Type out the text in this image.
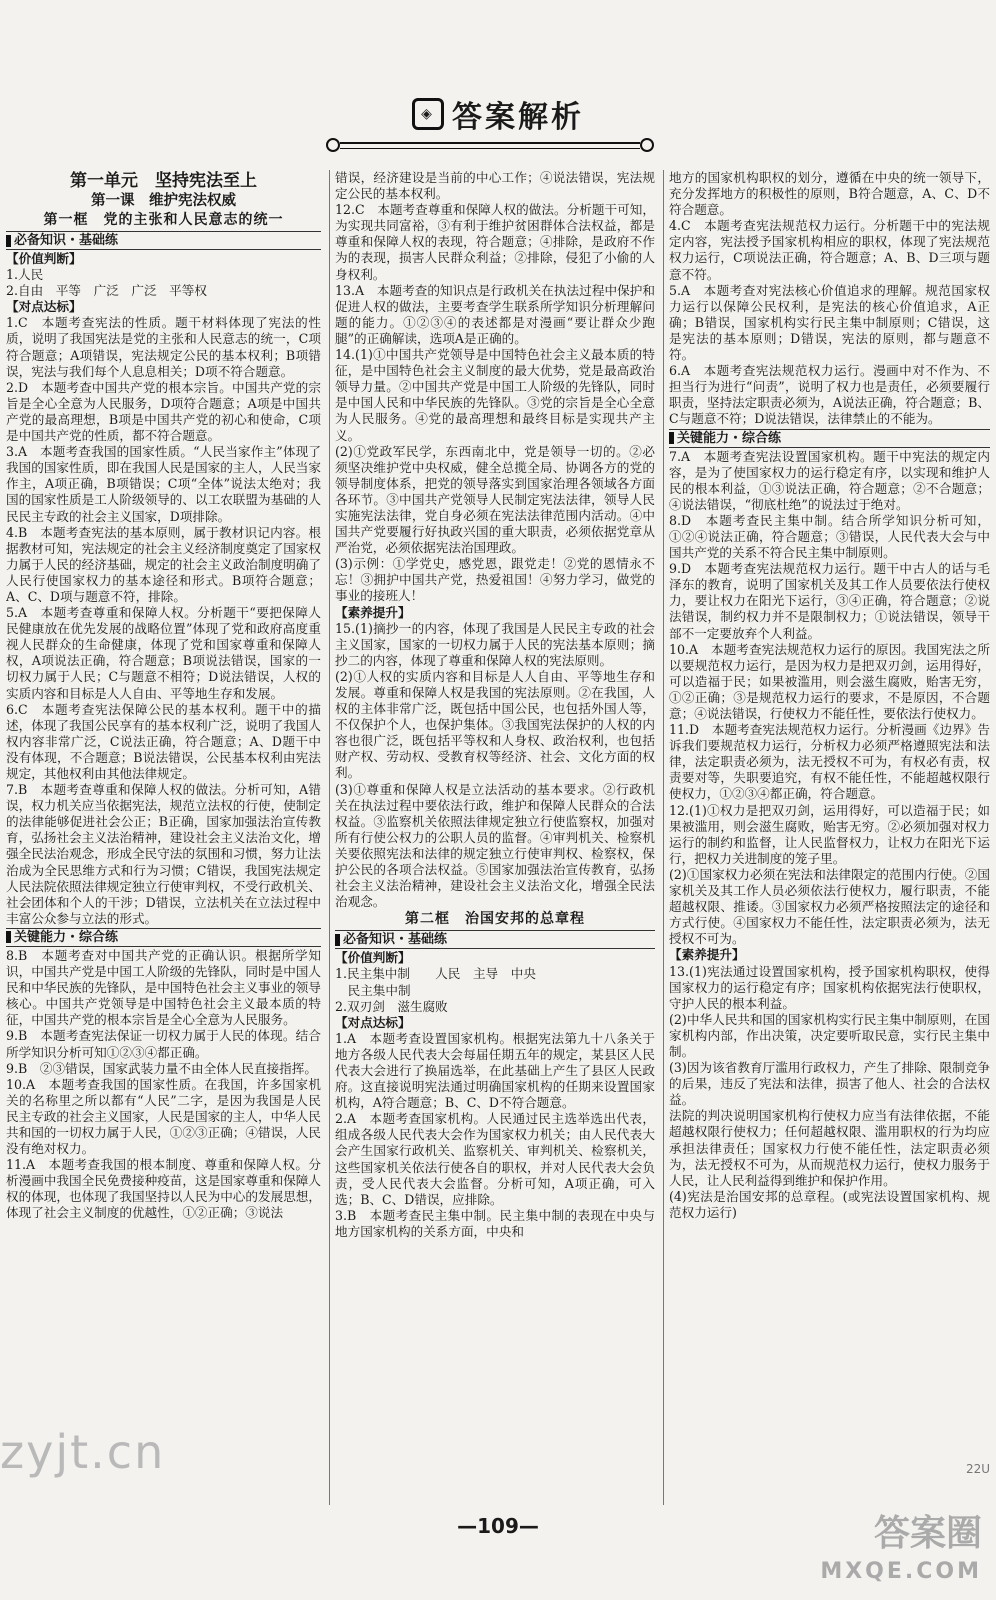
◈ 答案解析
第一单元　坚持宪法至上
第一课　维护宪法权威
第一框　党的主张和人民意志的统一
必备知识・基础练
【价值判断】
1.人民
2.自由　平等　广泛　广泛　平等权
【对点达标】
1.C　本题考查宪法的性质。题干材料体现了宪法的性质，说明了我国宪法是党的主张和人民意志的统一，C项符合题意；A项错误，宪法规定公民的基本权利；B项错误，宪法与我们每个人息息相关；D项不符合题意。
2.D　本题考查中国共产党的根本宗旨。中国共产党的宗旨是全心全意为人民服务，D项符合题意；A项是中国共产党的最高理想，B项是中国共产党的初心和使命，C项是中国共产党的性质，都不符合题意。
3.A　本题考查我国的国家性质。“人民当家作主”体现了我国的国家性质，即在我国人民是国家的主人，人民当家作主，A项正确，B项错误；C项“全体”说法太绝对；我国的国家性质是工人阶级领导的、以工农联盟为基础的人民民主专政的社会主义国家，D项排除。
4.B　本题考查宪法的基本原则，属于教材识记内容。根据教材可知，宪法规定的社会主义经济制度奠定了国家权力属于人民的经济基础，规定的社会主义政治制度明确了人民行使国家权力的基本途径和形式。B项符合题意；A、C、D项与题意不符，排除。
5.A　本题考查尊重和保障人权。分析题干“要把保障人民健康放在优先发展的战略位置”体现了党和政府高度重视人民群众的生命健康，体现了党和国家尊重和保障人权，A项说法正确，符合题意；B项说法错误，国家的一切权力属于人民；C与题意不相符；D说法错误，人权的实质内容和目标是人人自由、平等地生存和发展。
6.C　本题考查宪法保障公民的基本权利。题干中的描述，体现了我国公民享有的基本权利广泛，说明了我国人权内容非常广泛，C说法正确，符合题意；A、D题干中没有体现，不合题意；B说法错误，公民基本权利由宪法规定，其他权利由其他法律规定。
7.B　本题考查尊重和保障人权的做法。分析可知，A错误，权力机关应当依据宪法，规范立法权的行使，使制定的法律能够促进社会公正；B正确，国家加强法治宣传教育，弘扬社会主义法治精神，建设社会主义法治文化，增强全民法治观念，形成全民守法的氛围和习惯，努力让法治成为全民思维方式和行为习惯；C错误，我国宪法规定人民法院依照法律规定独立行使审判权，不受行政机关、社会团体和个人的干涉；D错误，立法机关在立法过程中丰富公众参与立法的形式。
关键能力・综合练
8.B　本题考查对中国共产党的正确认识。根据所学知识，中国共产党是中国工人阶级的先锋队，同时是中国人民和中华民族的先锋队，是中国特色社会主义事业的领导核心。中国共产党领导是中国特色社会主义最本质的特征，中国共产党的根本宗旨是全心全意为人民服务。
9.B　本题考查宪法保证一切权力属于人民的体现。结合所学知识分析可知①②③④都正确。
9.B　②③错误，国家武装力量不由全体人民直接指挥。
10.A　本题考查我国的国家性质。在我国，许多国家机关的名称里之所以都有“人民”二字，是因为我国是人民民主专政的社会主义国家，人民是国家的主人，中华人民共和国的一切权力属于人民，①②③正确；④错误，人民没有绝对权力。
11.A　本题考查我国的根本制度、尊重和保障人权。分析漫画中我国全民免费接种疫苗，这是国家尊重和保障人权的体现，也体现了我国坚持以人民为中心的发展思想，体现了社会主义制度的优越性，①②正确；③说法
错误，经济建设是当前的中心工作；④说法错误，宪法规定公民的基本权利。
12.C　本题考查尊重和保障人权的做法。分析题干可知，为实现共同富裕，③有利于维护贫困群体合法权益，都是尊重和保障人权的表现，符合题意；④排除，是政府不作为的表现，损害人民群众利益；②排除，侵犯了小偷的人身权利。
13.A　本题考查的知识点是行政机关在执法过程中保护和促进人权的做法，主要考查学生联系所学知识分析理解问题的能力。①②③④的表述都是对漫画“要让群众少跑腿”的正确解读，选项A是正确的。
14.(1)①中国共产党领导是中国特色社会主义最本质的特征，是中国特色社会主义制度的最大优势，党是最高政治领导力量。②中国共产党是中国工人阶级的先锋队，同时是中国人民和中华民族的先锋队。③党的宗旨是全心全意为人民服务。④党的最高理想和最终目标是实现共产主义。
(2)①党政军民学，东西南北中，党是领导一切的。②必须坚决维护党中央权威，健全总揽全局、协调各方的党的领导制度体系，把党的领导落实到国家治理各领域各方面各环节。③中国共产党领导人民制定宪法法律，领导人民实施宪法法律，党自身必须在宪法法律范围内活动。④中国共产党要履行好执政兴国的重大职责，必须依据党章从严治党，必须依据宪法治国理政。
(3)示例：①学党史，感党恩，跟党走！②党的恩情永不忘！③拥护中国共产党，热爱祖国！④努力学习，做党的事业的接班人！
【素养提升】
15.(1)摘抄一的内容，体现了我国是人民民主专政的社会主义国家，国家的一切权力属于人民的宪法基本原则；摘抄二的内容，体现了尊重和保障人权的宪法原则。
(2)①人权的实质内容和目标是人人自由、平等地生存和发展。尊重和保障人权是我国的宪法原则。②在我国，人权的主体非常广泛，既包括中国公民，也包括外国人等，不仅保护个人，也保护集体。③我国宪法保护的人权的内容也很广泛，既包括平等权和人身权、政治权利，也包括财产权、劳动权、受教育权等经济、社会、文化方面的权利。
(3)①尊重和保障人权是立法活动的基本要求。②行政机关在执法过程中要依法行政，维护和保障人民群众的合法权益。③监察机关依照法律规定独立行使监察权，加强对所有行使公权力的公职人员的监督。④审判机关、检察机关要依照宪法和法律的规定独立行使审判权、检察权，保护公民的各项合法权益。⑤国家加强法治宣传教育，弘扬社会主义法治精神，建设社会主义法治文化，增强全民法治观念。
第二框　治国安邦的总章程
必备知识・基础练
【价值判断】
1.民主集中制　　人民　主导　中央
　民主集中制
2.双刃剑　滋生腐败
【对点达标】
1.A　本题考查设置国家机构。根据宪法第九十八条关于地方各级人民代表大会每届任期五年的规定，某县区人民代表大会进行了换届选举，在此基础上产生了县区人民政府。这直接说明宪法通过明确国家机构的任期来设置国家机构，A符合题意；B、C、D不符合题意。
2.A　本题考查国家机构。人民通过民主选举选出代表，组成各级人民代表大会作为国家权力机关；由人民代表大会产生国家行政机关、监察机关、审判机关、检察机关，这些国家机关依法行使各自的职权，并对人民代表大会负责，受人民代表大会监督。分析可知，A项正确，可入选；B、C、D错误，应排除。
3.B　本题考查民主集中制。民主集中制的表现在中央与地方国家机构的关系方面，中央和
地方的国家机构职权的划分，遵循在中央的统一领导下，充分发挥地方的积极性的原则，B符合题意，A、C、D不符合题意。
4.C　本题考查宪法规范权力运行。分析题干中的宪法规定内容，宪法授予国家机构相应的职权，体现了宪法规范权力运行，C项说法正确，符合题意；A、B、D三项与题意不符。
5.A　本题考查对宪法核心价值追求的理解。规范国家权力运行以保障公民权利，是宪法的核心价值追求，A正确；B错误，国家机构实行民主集中制原则；C错误，这是宪法的基本原则；D错误，宪法的原则，都与题意不符。
6.A　本题考查宪法规范权力运行。漫画中对不作为、不担当行为进行“问责”，说明了权力也是责任，必须要履行职责，坚持法定职责必须为，A说法正确，符合题意；B、C与题意不符；D说法错误，法律禁止的不能为。
关键能力・综合练
7.A　本题考查宪法设置国家机构。题干中宪法的规定内容，是为了使国家权力的运行稳定有序，以实现和维护人民的根本利益，①③说法正确，符合题意；②不合题意；④说法错误，“彻底杜绝”的说法过于绝对。
8.D　本题考查民主集中制。结合所学知识分析可知，①②④说法正确，符合题意；③错误，人民代表大会与中国共产党的关系不符合民主集中制原则。
9.D　本题考查宪法规范权力运行。题干中古人的话与毛泽东的教育，说明了国家机关及其工作人员要依法行使权力，要让权力在阳光下运行，③④正确，符合题意；②说法错误，制约权力并不是限制权力；①说法错误，领导干部不一定要放弃个人利益。
10.A　本题考查宪法规范权力运行的原因。我国宪法之所以要规范权力运行，是因为权力是把双刃剑，运用得好，可以造福于民；如果被滥用，则会滋生腐败，贻害无穷，①②正确；③是规范权力运行的要求，不是原因，不合题意；④说法错误，行使权力不能任性，要依法行使权力。
11.D　本题考查宪法规范权力运行。分析漫画《边界》告诉我们要规范权力运行，分析权力必须严格遵照宪法和法律，法定职责必须为，法无授权不可为，有权必有责，权责要对等，失职要追究，有权不能任性，不能超越权限行使权力，①②③④都正确，符合题意。
12.(1)①权力是把双刃剑，运用得好，可以造福于民；如果被滥用，则会滋生腐败，贻害无穷。②必须加强对权力运行的制约和监督，让人民监督权力，让权力在阳光下运行，把权力关进制度的笼子里。
(2)①国家权力必须在宪法和法律限定的范围内行使。②国家机关及其工作人员必须依法行使权力，履行职责，不能超越权限、推诿。③国家权力必须严格按照法定的途径和方式行使。④国家权力不能任性，法定职责必须为，法无授权不可为。
【素养提升】
13.(1)宪法通过设置国家机构，授予国家机构职权，使得国家权力的运行稳定有序；国家机构依据宪法行使职权，守护人民的根本利益。
(2)中华人民共和国的国家机构实行民主集中制原则，在国家机构内部，作出决策，决定要听取民意，实行民主集中制。
(3)因为该省教育厅滥用行政权力，产生了排除、限制竞争的后果，违反了宪法和法律，损害了他人、社会的合法权益。
法院的判决说明国家机构行使权力应当有法律依据，不能超越权限行使权力；任何超越权限、滥用职权的行为均应承担法律责任；国家权力行使不能任性，法定职责必须为，法无授权不可为，从而规范权力运行，使权力服务于人民，让人民利益得到维护和保护作用。
(4)宪法是治国安邦的总章程。(或宪法设置国家机构、规范权力运行)
22U
zyjt.cn
答案圈
MXQE.COM
—109—
